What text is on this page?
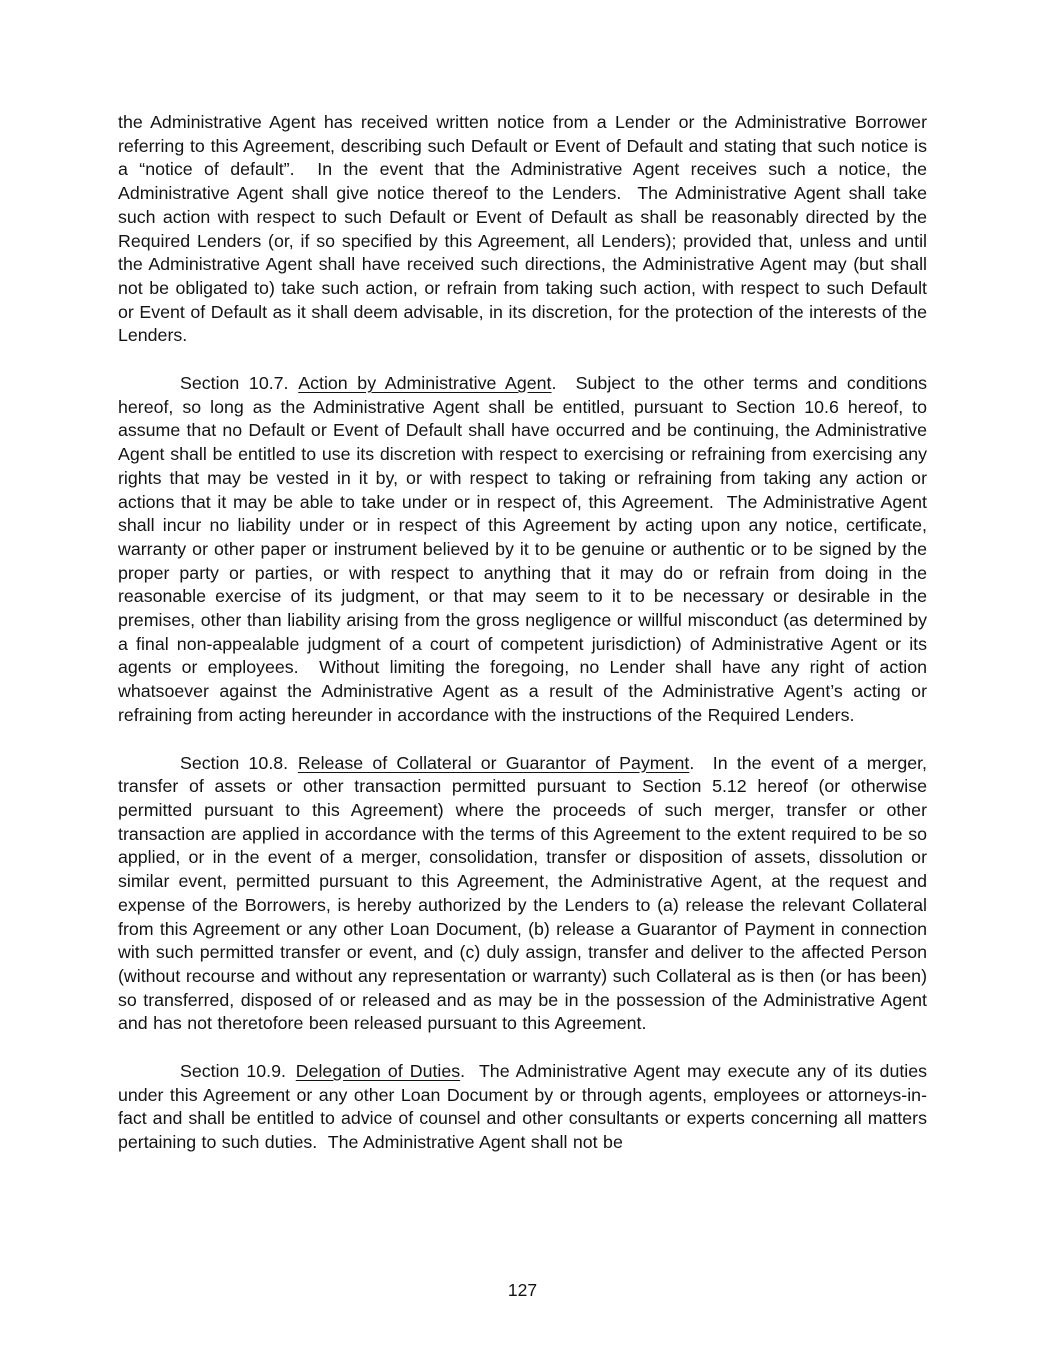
the Administrative Agent has received written notice from a Lender or the Administrative Borrower referring to this Agreement, describing such Default or Event of Default and stating that such notice is a “notice of default”.  In the event that the Administrative Agent receives such a notice, the Administrative Agent shall give notice thereof to the Lenders.  The Administrative Agent shall take such action with respect to such Default or Event of Default as shall be reasonably directed by the Required Lenders (or, if so specified by this Agreement, all Lenders); provided that, unless and until the Administrative Agent shall have received such directions, the Administrative Agent may (but shall not be obligated to) take such action, or refrain from taking such action, with respect to such Default or Event of Default as it shall deem advisable, in its discretion, for the protection of the interests of the Lenders.

Section 10.7. Action by Administrative Agent.  Subject to the other terms and conditions hereof, so long as the Administrative Agent shall be entitled, pursuant to Section 10.6 hereof, to assume that no Default or Event of Default shall have occurred and be continuing, the Administrative Agent shall be entitled to use its discretion with respect to exercising or refraining from exercising any rights that may be vested in it by, or with respect to taking or refraining from taking any action or actions that it may be able to take under or in respect of, this Agreement.  The Administrative Agent shall incur no liability under or in respect of this Agreement by acting upon any notice, certificate, warranty or other paper or instrument believed by it to be genuine or authentic or to be signed by the proper party or parties, or with respect to anything that it may do or refrain from doing in the reasonable exercise of its judgment, or that may seem to it to be necessary or desirable in the premises, other than liability arising from the gross negligence or willful misconduct (as determined by a final non-appealable judgment of a court of competent jurisdiction) of Administrative Agent or its agents or employees.  Without limiting the foregoing, no Lender shall have any right of action whatsoever against the Administrative Agent as a result of the Administrative Agent’s acting or refraining from acting hereunder in accordance with the instructions of the Required Lenders.

Section 10.8. Release of Collateral or Guarantor of Payment.  In the event of a merger, transfer of assets or other transaction permitted pursuant to Section 5.12 hereof (or otherwise permitted pursuant to this Agreement) where the proceeds of such merger, transfer or other transaction are applied in accordance with the terms of this Agreement to the extent required to be so applied, or in the event of a merger, consolidation, transfer or disposition of assets, dissolution or similar event, permitted pursuant to this Agreement, the Administrative Agent, at the request and expense of the Borrowers, is hereby authorized by the Lenders to (a) release the relevant Collateral from this Agreement or any other Loan Document, (b) release a Guarantor of Payment in connection with such permitted transfer or event, and (c) duly assign, transfer and deliver to the affected Person (without recourse and without any representation or warranty) such Collateral as is then (or has been) so transferred, disposed of or released and as may be in the possession of the Administrative Agent and has not theretofore been released pursuant to this Agreement.

Section 10.9. Delegation of Duties.  The Administrative Agent may execute any of its duties under this Agreement or any other Loan Document by or through agents, employees or attorneys-in-fact and shall be entitled to advice of counsel and other consultants or experts concerning all matters pertaining to such duties.  The Administrative Agent shall not be

127
